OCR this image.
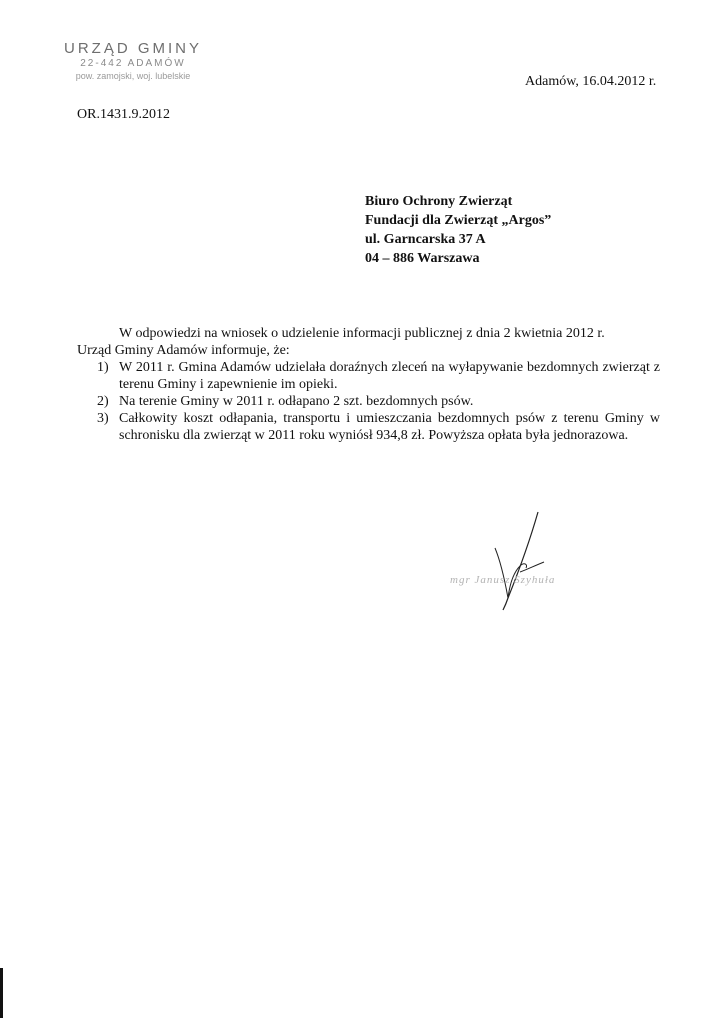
URZĄD GMINY
22-442 ADAMÓW
pow. zamojski, woj. lubelskie	Adamów, 16.04.2012 r.
OR.1431.9.2012
Biuro Ochrony Zwierząt
Fundacji dla Zwierząt „Argos”
ul. Garncarska 37 A
04 – 886 Warszawa

W odpowiedzi na wniosek o udzielenie informacji publicznej z dnia 2 kwietnia 2012 r.

Urząd Gminy Adamów informuje, że:

1) W 2011 r. Gmina Adamów udzielała doraźnych zleceń na wyłapywanie bezdomnych zwierząt z terenu Gminy i zapewnienie im opieki.
2) Na terenie Gminy w 2011 r. odłapano 2 szt. bezdomnych psów.
3) Całkowity koszt odłapania, transportu i umieszczania bezdomnych psów z terenu Gminy w schronisku dla zwierząt w 2011 roku wyniósł 934,8 zł. Powyższa opłata była jednorazowa.
mgr Janusz Szyhuła
